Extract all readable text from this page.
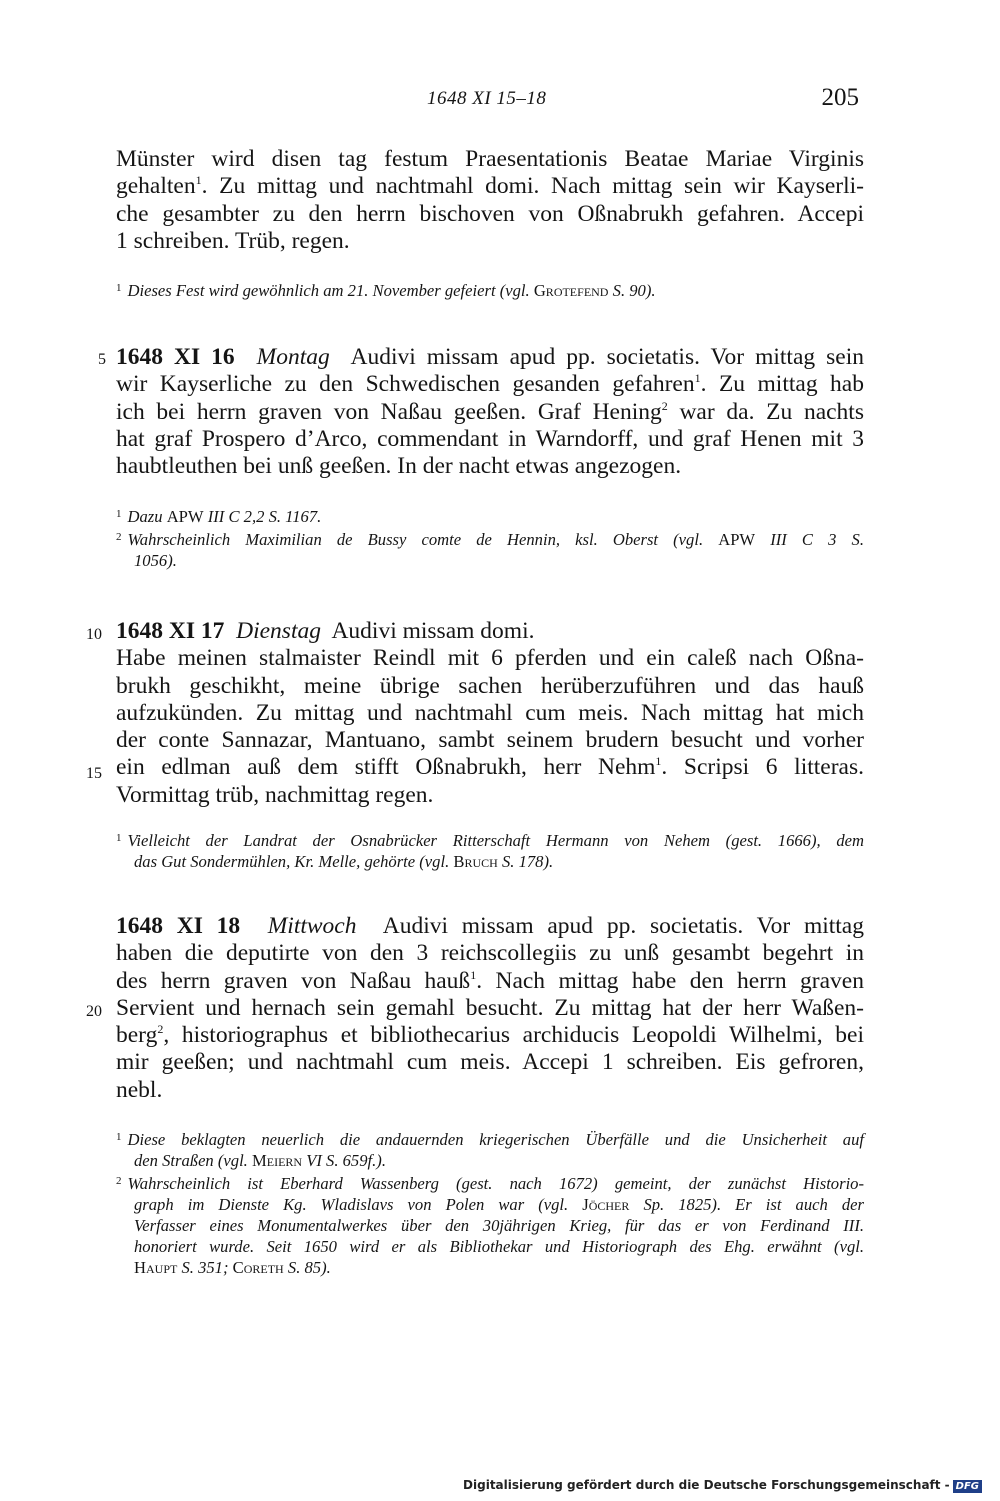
1648 XI 15–18	205
Münster wird disen tag festum Praesentationis Beatae Mariae Virginis
gehalten$^1$. Zu mittag und nachtmahl domi. Nach mittag sein wir Kayserli-
che gesambter zu den herrn bischoven von Oßnabrukh gefahren. Accepi
1 schreiben. Trüb, regen.
$^1$ Dieses Fest wird gewöhnlich am 21. November gefeiert (vgl. Grotefend S. 90).
5 1648 XI 16 Montag Audivi missam apud pp. societatis. Vor mittag sein
wir Kayserliche zu den Schwedischen gesanden gefahren$^1$. Zu mittag hab
ich bei herrn graven von Naßau geeßen. Graf Hening$^2$ war da. Zu nachts
hat graf Prospero d’Arco, commendant in Warndorff, und graf Henen mit 3
haubtleuthen bei unß geeßen. In der nacht etwas angezogen.
$^1$ Dazu APW III C 2,2 S. 1167.
$^2$ Wahrscheinlich Maximilian de Bussy comte de Hennin, ksl. Oberst (vgl. APW III C 3 S.
1056).
10
15
1648 XI 17 Dienstag Audivi missam domi.
Habe meinen stalmaister Reindl mit 6 pferden und ein caleß nach Oßna-
brukh geschikht, meine übrige sachen herüberzuführen und das hauß
aufzukünden. Zu mittag und nachtmahl cum meis. Nach mittag hat mich
der conte Sannazar, Mantuano, sambt seinem brudern besucht und vorher
ein edlman auß dem stifft Oßnabrukh, herr Nehm$^1$. Scripsi 6 litteras.
Vormittag trüb, nachmittag regen.
$^1$ Vielleicht der Landrat der Osnabrücker Ritterschaft Hermann von Nehem (gest. 1666), dem
das Gut Sondermühlen, Kr. Melle, gehörte (vgl. Bruch S. 178).
20
1648 XI 18 Mittwoch Audivi missam apud pp. societatis. Vor mittag
haben die deputirte von den 3 reichscollegiis zu unß gesambt begehrt in
des herrn graven von Naßau hauß$^1$. Nach mittag habe den herrn graven
Servient und hernach sein gemahl besucht. Zu mittag hat der herr Waßen-
berg$^2$, historiographus et bibliothecarius archiducis Leopoldi Wilhelmi, bei
mir geeßen; und nachtmahl cum meis. Accepi 1 schreiben. Eis gefroren,
nebl.
$^1$ Diese beklagten neuerlich die andauernden kriegerischen Überfälle und die Unsicherheit auf
den Straßen (vgl. Meiern VI S. 659f.).
$^2$ Wahrscheinlich ist Eberhard Wassenberg (gest. nach 1672) gemeint, der zunächst Historio-
graph im Dienste Kg. Wladislavs von Polen war (vgl. Jöcher Sp. 1825). Er ist auch der
Verfasser eines Monumentalwerkes über den 30jährigen Krieg, für das er von Ferdinand III.
honoriert wurde. Seit 1650 wird er als Bibliothekar und Historiograph des Ehg. erwähnt (vgl.
Haupt S. 351; Coreth S. 85).
Digitalisierung gefördert durch die Deutsche Forschungsgemeinschaft - DFG
